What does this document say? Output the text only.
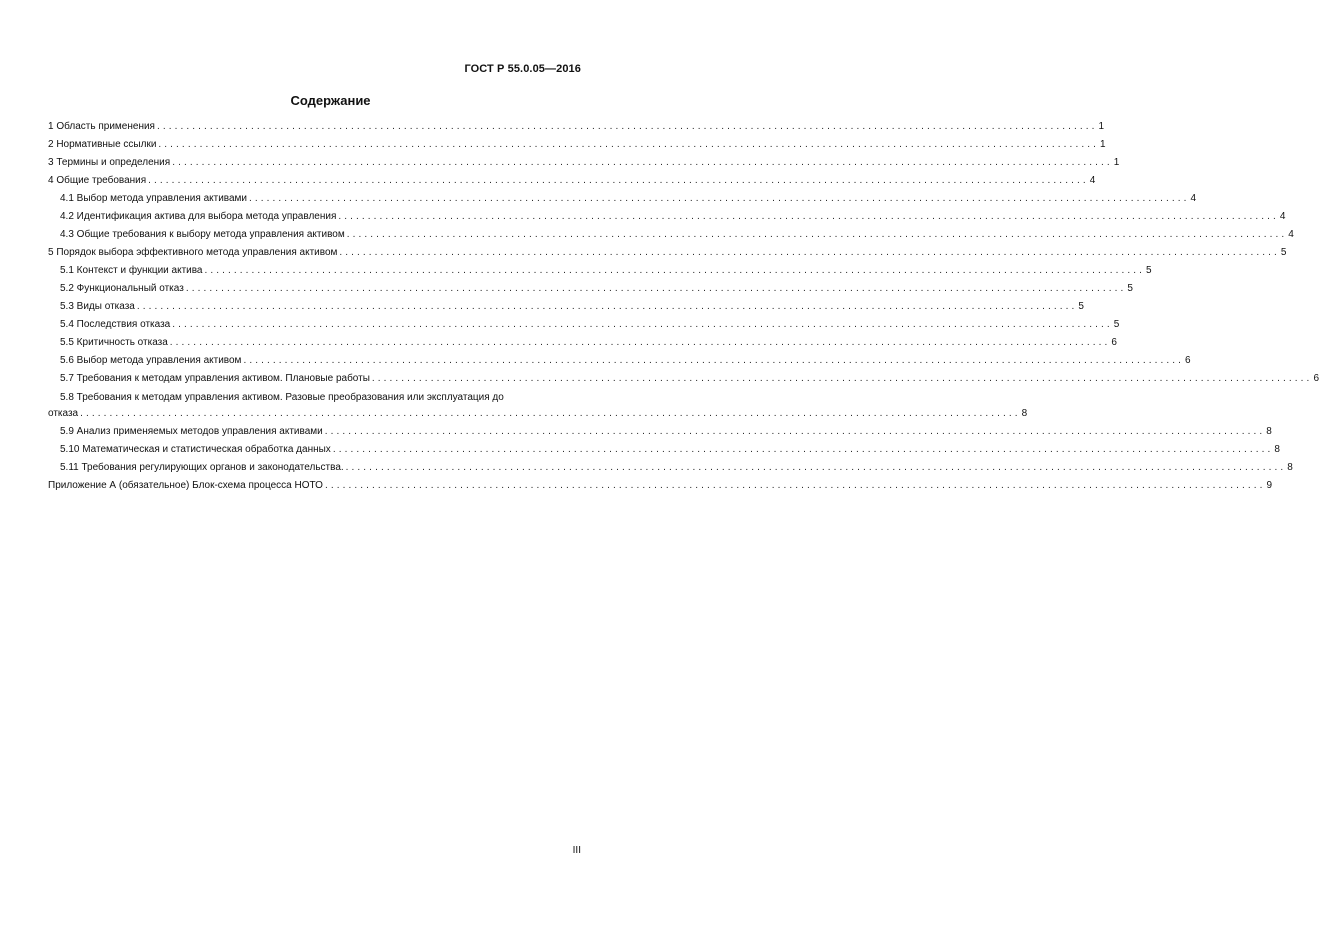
ГОСТ Р 55.0.05—2016
Содержание
1 Область применения ................................................................................................................................................................ 1
2 Нормативные ссылки ................................................................................................................................................................ 1
3 Термины и определения ................................................................................................................................................................ 1
4 Общие требования ................................................................................................................................................................ 4
4.1 Выбор метода управления активами ................................................................................................................................................................ 4
4.2 Идентификация актива для выбора метода управления ................................................................................................................................................................ 4
4.3 Общие требования к выбору метода управления активом ................................................................................................................................................................ 4
5 Порядок выбора эффективного метода управления активом ................................................................................................................................................................ 5
5.1 Контекст и функции актива ................................................................................................................................................................ 5
5.2 Функциональный отказ ................................................................................................................................................................ 5
5.3 Виды отказа ................................................................................................................................................................ 5
5.4 Последствия отказа ................................................................................................................................................................ 5
5.5 Критичность отказа ................................................................................................................................................................ 6
5.6 Выбор метода управления активом ................................................................................................................................................................ 6
5.7 Требования к методам управления активом. Плановые работы ................................................................................................................................................................ 6
5.8 Требования к методам управления активом. Разовые преобразования или эксплуатация до
отказа ................................................................................................................................................................ 8
5.9 Анализ применяемых методов управления активами ................................................................................................................................................................ 8
5.10 Математическая и статистическая обработка данных ................................................................................................................................................................ 8
5.11 Требования регулирующих органов и законодательства. ................................................................................................................................................................ 8
Приложение А (обязательное) Блок-схема процесса НОТО ................................................................................................................................................................ 9
III
